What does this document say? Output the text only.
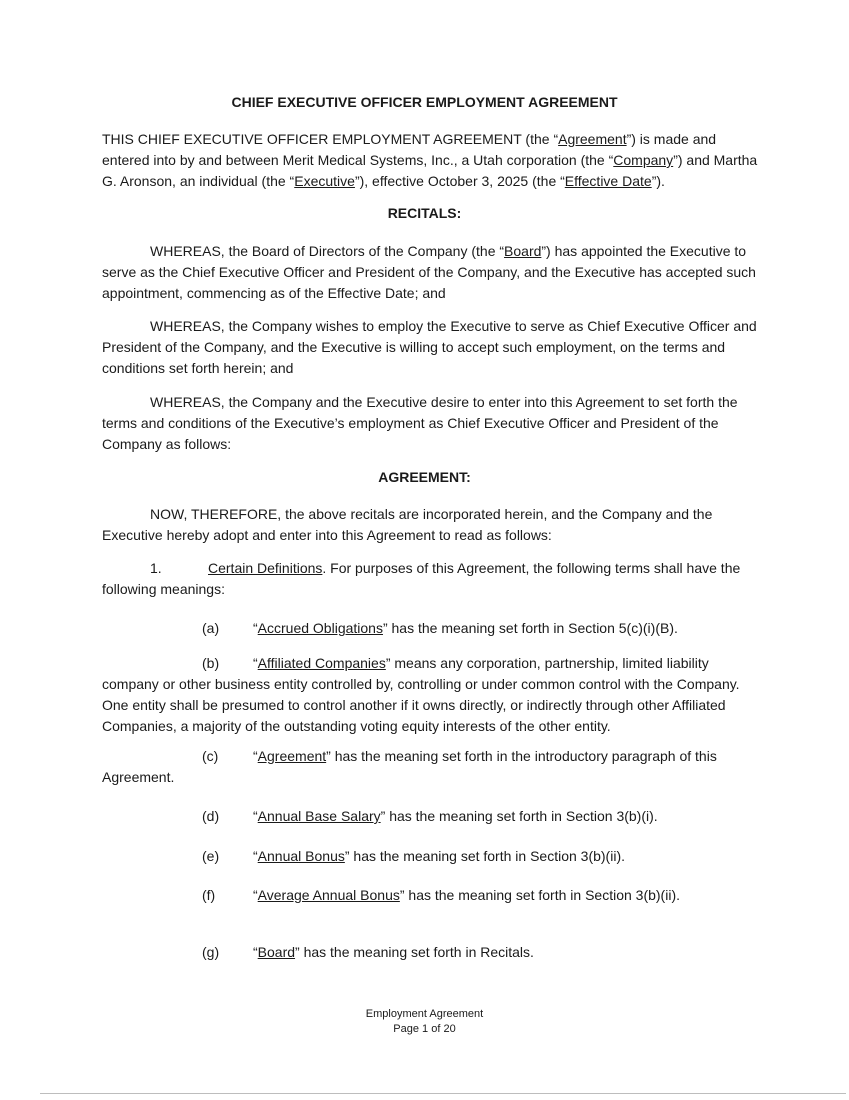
CHIEF EXECUTIVE OFFICER EMPLOYMENT AGREEMENT

THIS CHIEF EXECUTIVE OFFICER EMPLOYMENT AGREEMENT (the “Agreement”) is made and entered into by and between Merit Medical Systems, Inc., a Utah corporation (the “Company”) and Martha G. Aronson, an individual (the “Executive”), effective October 3, 2025 (the “Effective Date”).

RECITALS:

WHEREAS, the Board of Directors of the Company (the “Board”) has appointed the Executive to serve as the Chief Executive Officer and President of the Company, and the Executive has accepted such appointment, commencing as of the Effective Date; and

WHEREAS, the Company wishes to employ the Executive to serve as Chief Executive Officer and President of the Company, and the Executive is willing to accept such employment, on the terms and conditions set forth herein; and

WHEREAS, the Company and the Executive desire to enter into this Agreement to set forth the terms and conditions of the Executive’s employment as Chief Executive Officer and President of the Company as follows:

AGREEMENT:

NOW, THEREFORE, the above recitals are incorporated herein, and the Company and the Executive hereby adopt and enter into this Agreement to read as follows:

1.	Certain Definitions. For purposes of this Agreement, the following terms shall have the following meanings:

(a) “Accrued Obligations” has the meaning set forth in Section 5(c)(i)(B).

(b) “Affiliated Companies” means any corporation, partnership, limited liability company or other business entity controlled by, controlling or under common control with the Company. One entity shall be presumed to control another if it owns directly, or indirectly through other Affiliated Companies, a majority of the outstanding voting equity interests of the other entity.

(c) “Agreement” has the meaning set forth in the introductory paragraph of this Agreement.

(d) “Annual Base Salary” has the meaning set forth in Section 3(b)(i).
(e) “Annual Bonus” has the meaning set forth in Section 3(b)(ii).
(f)	“Average Annual Bonus” has the meaning set forth in Section 3(b)(ii).
(g) “Board” has the meaning set forth in Recitals.
Employment Agreement
Page 1 of 20
